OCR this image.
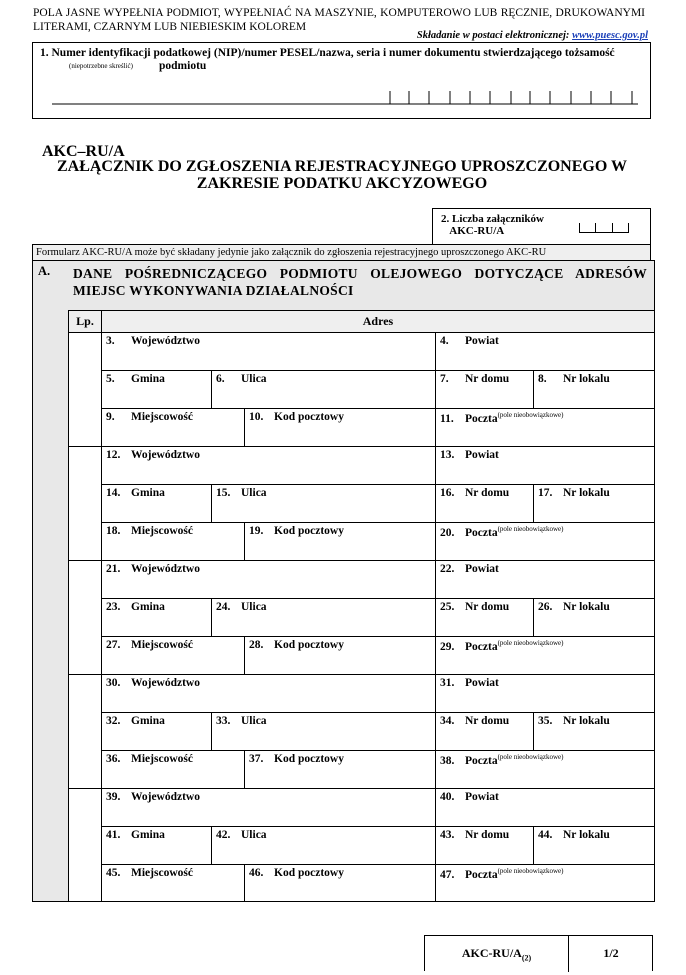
POLA JASNE WYPEŁNIA PODMIOT, WYPEŁNIAĆ NA MASZYNIE, KOMPUTEROWO LUB RĘCZNIE, DRUKOWANYMI LITERAMI, CZARNYM LUB NIEBIESKIM KOLOREM
Składanie w postaci elektronicznej: www.puesc.gov.pl
1. Numer identyfikacji podatkowej (NIP)/numer PESEL/nazwa, seria i numer dokumentu stwierdzającego tożsamość
(niepotrzebne skreślić) podmiotu
AKC–RU/A
ZAŁĄCZNIK DO ZGŁOSZENIA REJESTRACYJNEGO UPROSZCZONEGO W ZAKRESIE PODATKU AKCYZOWEGO
2. Liczba załączników
AKC-RU/A
Formularz AKC-RU/A może być składany jedynie jako załącznik do zgłoszenia rejestracyjnego uproszczonego AKC-RU
A. DANE POŚREDNICZĄCEGO PODMIOTU OLEJOWEGO DOTYCZĄCE ADRESÓW MIEJSC WYKONYWANIA DZIAŁALNOŚCI
Lp.	Adres
3. Województwo	4. Powiat
5. Gmina	6. Ulica	7. Nr domu	8. Nr lokalu
9. Miejscowość	10. Kod pocztowy	11. Poczta$^{(pole nieobowiązkowe)}$
12. Województwo	13. Powiat
14. Gmina	15. Ulica	16. Nr domu	17. Nr lokalu
18. Miejscowość	19. Kod pocztowy	20. Poczta$^{(pole nieobowiązkowe)}$
21. Województwo	22. Powiat
23. Gmina	24. Ulica	25. Nr domu	26. Nr lokalu
27. Miejscowość	28. Kod pocztowy	29. Poczta$^{(pole nieobowiązkowe)}$
30. Województwo	31. Powiat
32. Gmina	33. Ulica	34. Nr domu	35. Nr lokalu
36. Miejscowość	37. Kod pocztowy	38. Poczta$^{(pole nieobowiązkowe)}$
39. Województwo	40. Powiat
41. Gmina	42. Ulica	43. Nr domu	44. Nr lokalu
45. Miejscowość	46. Kod pocztowy	47. Poczta$^{(pole nieobowiązkowe)}$
AKC-$RU/A_{(2)}$	1/2
